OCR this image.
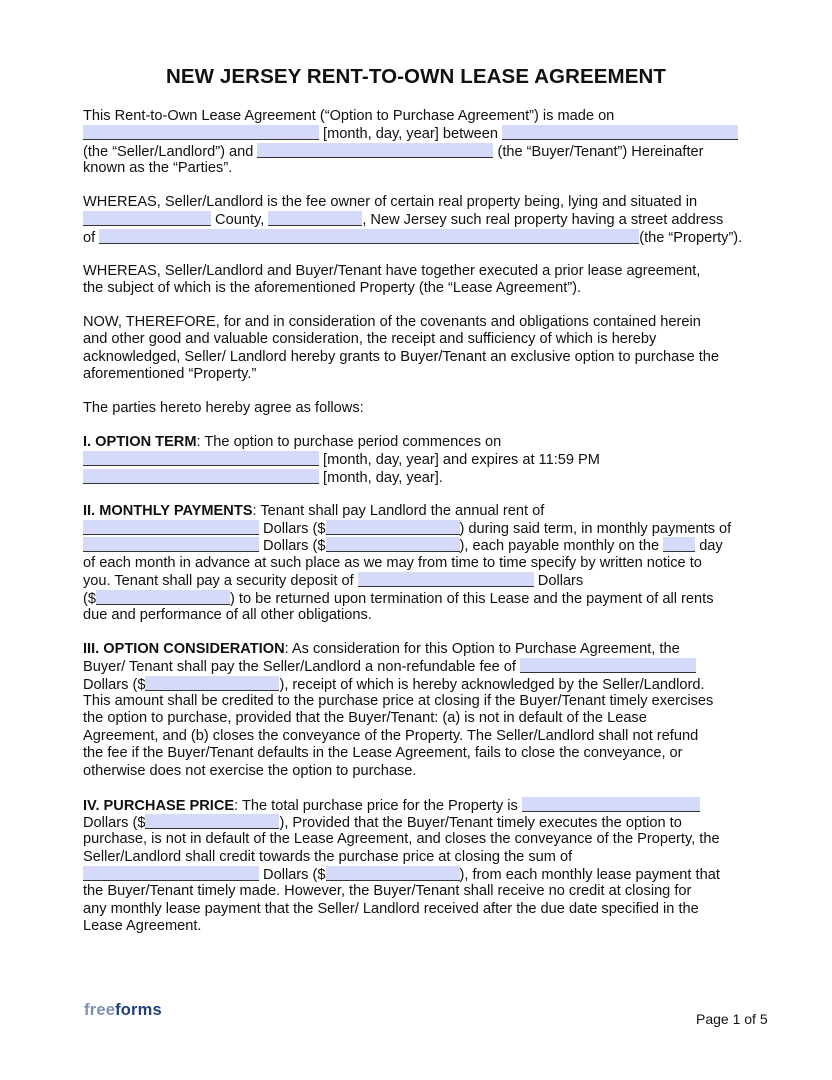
NEW JERSEY RENT-TO-OWN LEASE AGREEMENT
This Rent-to-Own Lease Agreement (“Option to Purchase Agreement”) is made on
[month, day, year] between
(the “Seller/Landlord”) and	(the “Buyer/Tenant”) Hereinafter
known as the “Parties”.
WHEREAS, Seller/Landlord is the fee owner of certain real property being, lying and situated in
County,	, New Jersey such real property having a street address
of	(the “Property”).
WHEREAS, Seller/Landlord and Buyer/Tenant have together executed a prior lease agreement,
the subject of which is the aforementioned Property (the “Lease Agreement”).
NOW, THEREFORE, for and in consideration of the covenants and obligations contained herein
and other good and valuable consideration, the receipt and sufficiency of which is hereby
acknowledged, Seller/ Landlord hereby grants to Buyer/Tenant an exclusive option to purchase the
aforementioned “Property.”
The parties hereto hereby agree as follows:
I. OPTION TERM: The option to purchase period commences on
[month, day, year] and expires at 11:59 PM
[month, day, year].
II. MONTHLY PAYMENTS: Tenant shall pay Landlord the annual rent of
Dollars ($	) during said term, in monthly payments of
Dollars ($	), each payable monthly on the  day
of each month in advance at such place as we may from time to time specify by written notice to
you. Tenant shall pay a security deposit of	Dollars
($	) to be returned upon termination of this Lease and the payment of all rents
due and performance of all other obligations.
III. OPTION CONSIDERATION: As consideration for this Option to Purchase Agreement, the
Buyer/ Tenant shall pay the Seller/Landlord a non-refundable fee of
Dollars ($	), receipt of which is hereby acknowledged by the Seller/Landlord.
This amount shall be credited to the purchase price at closing if the Buyer/Tenant timely exercises
the option to purchase, provided that the Buyer/Tenant: (a) is not in default of the Lease
Agreement, and (b) closes the conveyance of the Property. The Seller/Landlord shall not refund
the fee if the Buyer/Tenant defaults in the Lease Agreement, fails to close the conveyance, or
otherwise does not exercise the option to purchase.
IV. PURCHASE PRICE: The total purchase price for the Property is
Dollars ($	), Provided that the Buyer/Tenant timely executes the option to
purchase, is not in default of the Lease Agreement, and closes the conveyance of the Property, the
Seller/Landlord shall credit towards the purchase price at closing the sum of
Dollars ($	), from each monthly lease payment that
the Buyer/Tenant timely made. However, the Buyer/Tenant shall receive no credit at closing for
any monthly lease payment that the Seller/ Landlord received after the due date specified in the
Lease Agreement.
freeforms	Page 1 of 5
